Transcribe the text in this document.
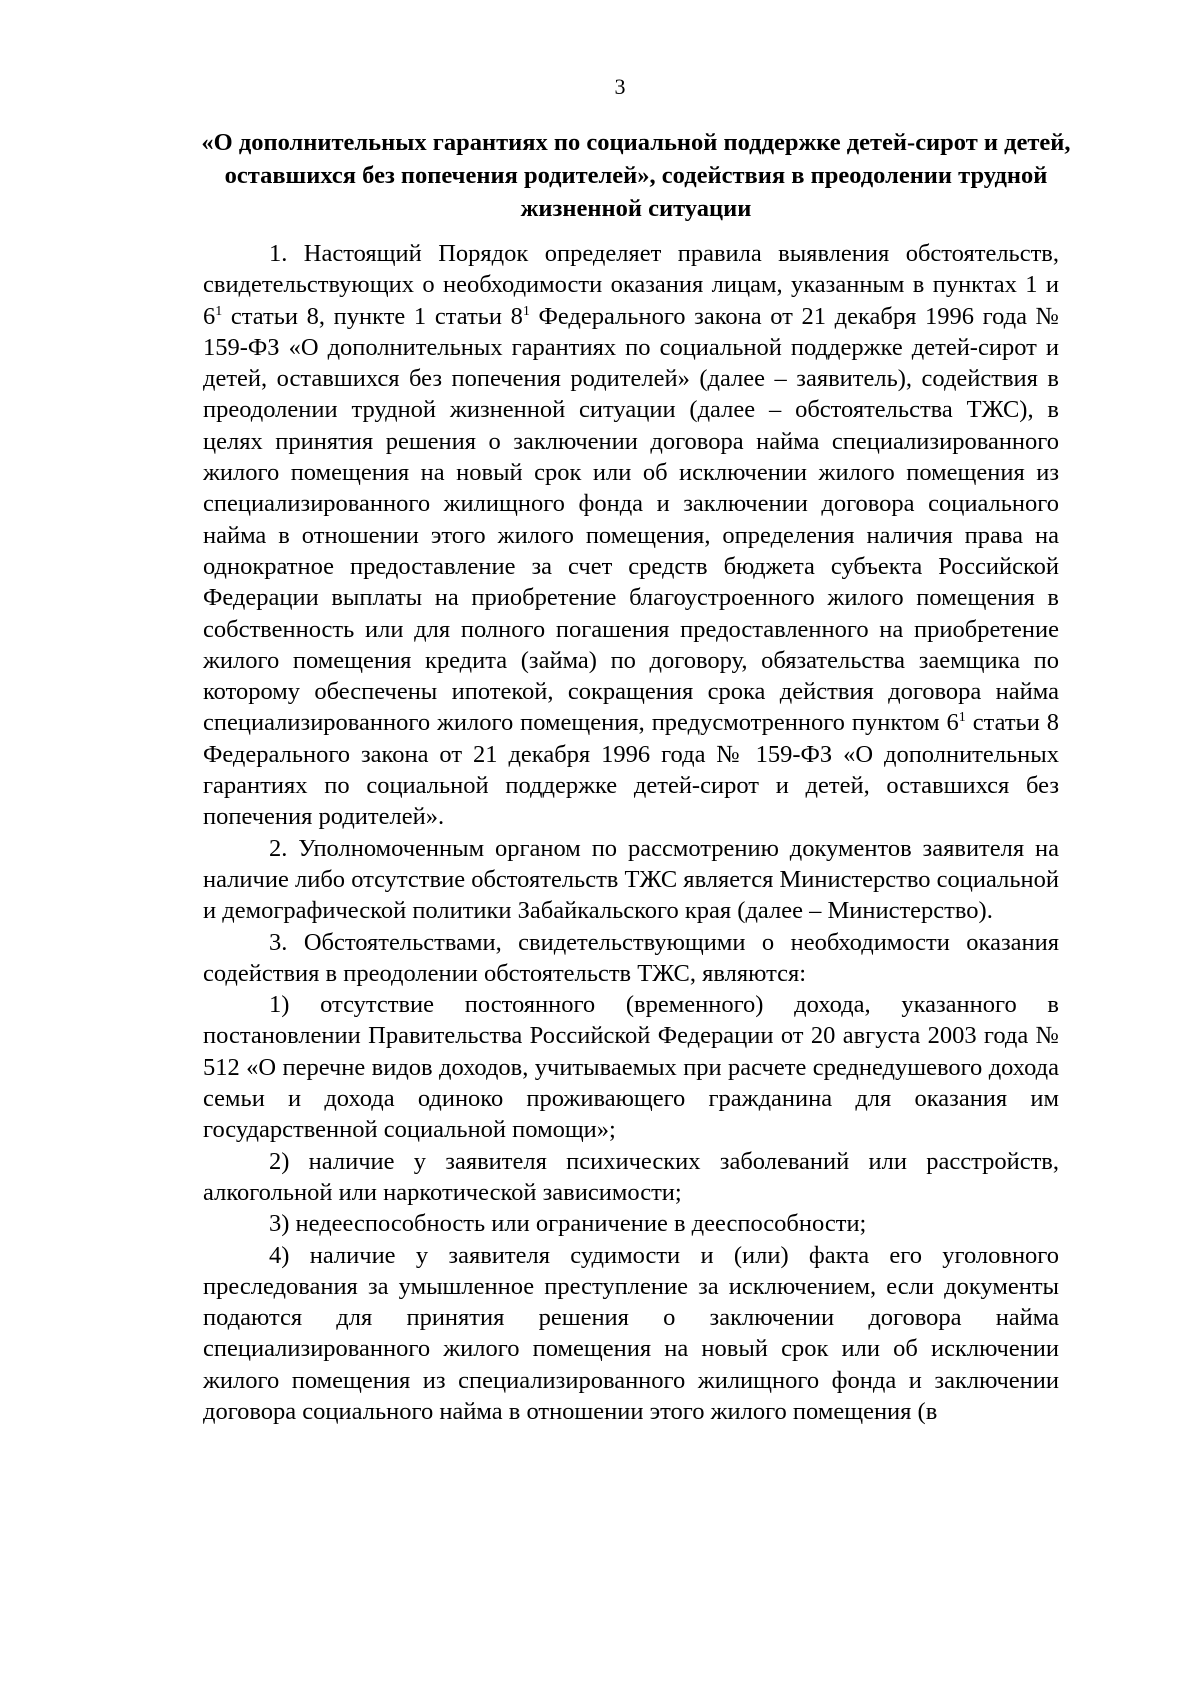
3
«О дополнительных гарантиях по социальной поддержке детей-сирот и детей, оставшихся без попечения родителей», содействия в преодолении трудной жизненной ситуации

1. Настоящий Порядок определяет правила выявления обстоятельств, свидетельствующих о необходимости оказания лицам, указанным в пунктах 1 и $6^1$ статьи 8, пункте 1 статьи $8^1$ Федерального закона от 21 декабря 1996 года № 159-ФЗ «О дополнительных гарантиях по социальной поддержке детей-сирот и детей, оставшихся без попечения родителей» (далее – заявитель), содействия в преодолении трудной жизненной ситуации (далее – обстоятельства ТЖС), в целях принятия решения о заключении договора найма специализированного жилого помещения на новый срок или об исключении жилого помещения из специализированного жилищного фонда и заключении договора социального найма в отношении этого жилого помещения, определения наличия права на однократное предоставление за счет средств бюджета субъекта Российской Федерации выплаты на приобретение благоустроенного жилого помещения в собственность или для полного погашения предоставленного на приобретение жилого помещения кредита (займа) по договору, обязательства заемщика по которому обеспечены ипотекой, сокращения срока действия договора найма специализированного жилого помещения, предусмотренного пунктом $6^1$ статьи 8 Федерального закона от 21 декабря 1996 года № 159-ФЗ «О дополнительных гарантиях по социальной поддержке детей-сирот и детей, оставшихся без попечения родителей».

2. Уполномоченным органом по рассмотрению документов заявителя на наличие либо отсутствие обстоятельств ТЖС является Министерство социальной и демографической политики Забайкальского края (далее – Министерство).

3. Обстоятельствами, свидетельствующими о необходимости оказания содействия в преодолении обстоятельств ТЖС, являются:

1) отсутствие постоянного (временного) дохода, указанного в постановлении Правительства Российской Федерации от 20 августа 2003 года № 512 «О перечне видов доходов, учитываемых при расчете среднедушевого дохода семьи и дохода одиноко проживающего гражданина для оказания им государственной социальной помощи»;

2) наличие у заявителя психических заболеваний или расстройств, алкогольной или наркотической зависимости;

3) недееспособность или ограничение в дееспособности;

4) наличие у заявителя судимости и (или) факта его уголовного преследования за умышленное преступление за исключением, если документы подаются для принятия решения о заключении договора найма специализированного жилого помещения на новый срок или об исключении жилого помещения из специализированного жилищного фонда и заключении договора социального найма в отношении этого жилого помещения (в
